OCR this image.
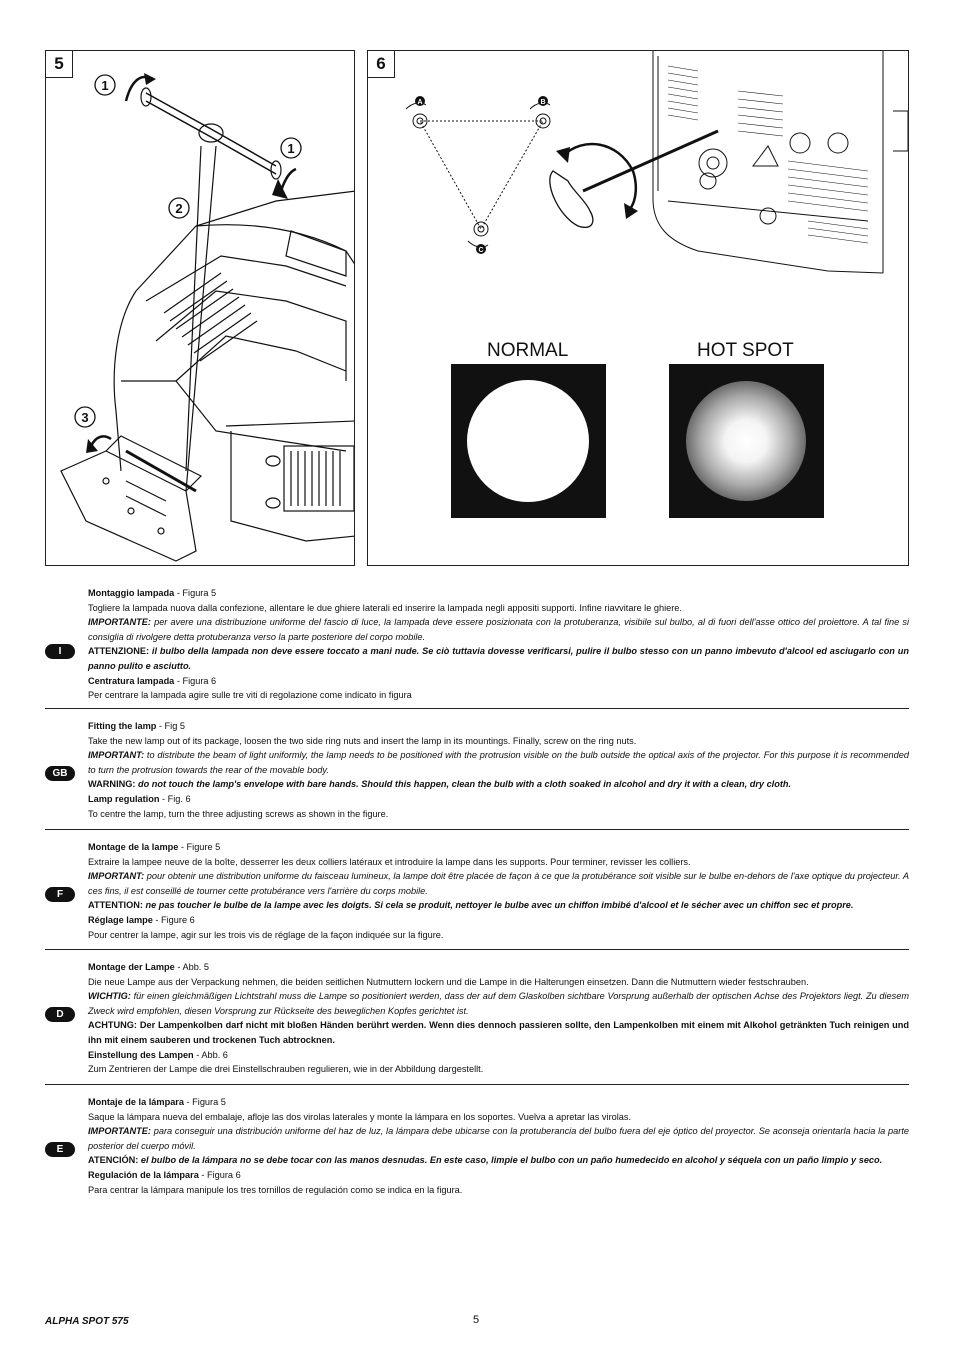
5
1
1
2
3
6
A	B
C
NORMAL	HOT SPOT
I

Montaggio lampada - Figura 5

Togliere la lampada nuova dalla confezione, allentare le due ghiere laterali ed inserire la lampada negli appositi supporti. Infine riavvitare le ghiere.

IMPORTANTE: per avere una distribuzione uniforme del fascio di luce, la lampada deve essere posizionata con la protuberanza, visibile sul bulbo, al di fuori dell'asse ottico del proiettore. A tal fine si consiglia di rivolgere detta protuberanza verso la parte posteriore del corpo mobile.

ATTENZIONE: il bulbo della lampada non deve essere toccato a mani nude. Se ciò tuttavia dovesse verificarsi, pulire il bulbo stesso con un panno imbevuto d'alcool ed asciugarlo con un panno pulito e asciutto.

Centratura lampada - Figura 6

Per centrare la lampada agire sulle tre viti di regolazione come indicato in figura

GB

Fitting the lamp - Fig 5

Take the new lamp out of its package, loosen the two side ring nuts and insert the lamp in its mountings. Finally, screw on the ring nuts.

IMPORTANT: to distribute the beam of light uniformly, the lamp needs to be positioned with the protrusion visible on the bulb outside the optical axis of the projector. For this purpose it is recommended to turn the protrusion towards the rear of the movable body.

WARNING: do not touch the lamp's envelope with bare hands. Should this happen, clean the bulb with a cloth soaked in alcohol and dry it with a clean, dry cloth.

Lamp regulation - Fig. 6

To centre the lamp, turn the three adjusting screws as shown in the figure.

F

Montage de la lampe - Figure 5

Extraire la lampee neuve de la boîte, desserrer les deux colliers latéraux et introduire la lampe dans les supports. Pour terminer, revisser les colliers.

IMPORTANT: pour obtenir une distribution uniforme du faisceau lumineux, la lampe doit être placée de façon à ce que la protubérance soit visible sur le bulbe en-dehors de l'axe optique du projecteur. A ces fins, il est conseillé de tourner cette protubérance vers l'arrière du corps mobile.

ATTENTION: ne pas toucher le bulbe de la lampe avec les doigts. Si cela se produit, nettoyer le bulbe avec un chiffon imbibé d'alcool et le sécher avec un chiffon sec et propre.

Réglage lampe - Figure 6

Pour centrer la lampe, agir sur les trois vis de réglage de la façon indiquée sur la figure.

D

Montage der Lampe - Abb. 5

Die neue Lampe aus der Verpackung nehmen, die beiden seitlichen Nutmuttern lockern und die Lampe in die Halterungen einsetzen. Dann die Nutmuttern wieder festschrauben.

WICHTIG: für einen gleichmäßigen Lichtstrahl muss die Lampe so positioniert werden, dass der auf dem Glaskolben sichtbare Vorsprung außerhalb der optischen Achse des Projektors liegt. Zu diesem Zweck wird empfohlen, diesen Vorsprung zur Rückseite des beweglichen Kopfes gerichtet ist.

ACHTUNG: Der Lampenkolben darf nicht mit bloßen Händen berührt werden. Wenn dies dennoch passieren sollte, den Lampenkolben mit einem mit Alkohol getränkten Tuch reinigen und ihn mit einem sauberen und trockenen Tuch abtrocknen.

Einstellung des Lampen - Abb. 6

Zum Zentrieren der Lampe die drei Einstellschrauben regulieren, wie in der Abbildung dargestellt.

E

Montaje de la lámpara - Figura 5

Saque la lámpara nueva del embalaje, afloje las dos virolas laterales y monte la lámpara en los soportes. Vuelva a apretar las virolas.

IMPORTANTE: para conseguir una distribución uniforme del haz de luz, la lámpara debe ubicarse con la protuberancia del bulbo fuera del eje óptico del proyector. Se aconseja orientarla hacia la parte posterior del cuerpo móvil.

ATENCIÓN: el bulbo de la lámpara no se debe tocar con las manos desnudas. En este caso, limpie el bulbo con un paño humedecido en alcohol y séquela con un paño limpio y seco.

Regulación de la lámpara - Figura 6

Para centrar la lámpara manipule los tres tornillos de regulación como se indica en la figura.

ALPHA SPOT 575	5
